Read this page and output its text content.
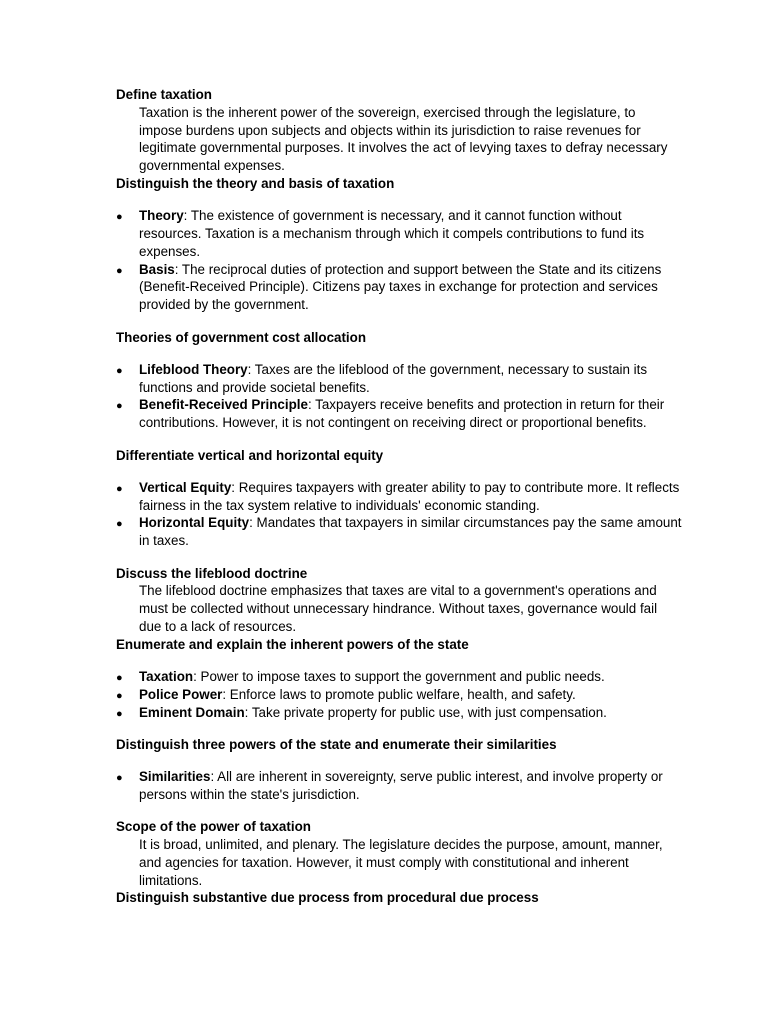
Define taxation

Taxation is the inherent power of the sovereign, exercised through the legislature, to impose burdens upon subjects and objects within its jurisdiction to raise revenues for legitimate governmental purposes. It involves the act of levying taxes to defray necessary governmental expenses.

Distinguish the theory and basis of taxation

●
Theory: The existence of government is necessary, and it cannot function without resources. Taxation is a mechanism through which it compels contributions to fund its expenses.
●
Basis: The reciprocal duties of protection and support between the State and its citizens (Benefit-Received Principle). Citizens pay taxes in exchange for protection and services provided by the government.

Theories of government cost allocation

●
Lifeblood Theory: Taxes are the lifeblood of the government, necessary to sustain its functions and provide societal benefits.
●
Benefit-Received Principle: Taxpayers receive benefits and protection in return for their contributions. However, it is not contingent on receiving direct or proportional benefits.

Differentiate vertical and horizontal equity

●
Vertical Equity: Requires taxpayers with greater ability to pay to contribute more. It reflects fairness in the tax system relative to individuals' economic standing.
●
Horizontal Equity: Mandates that taxpayers in similar circumstances pay the same amount in taxes.

Discuss the lifeblood doctrine

The lifeblood doctrine emphasizes that taxes are vital to a government's operations and must be collected without unnecessary hindrance. Without taxes, governance would fail due to a lack of resources.

Enumerate and explain the inherent powers of the state

●
Taxation: Power to impose taxes to support the government and public needs.
●
Police Power: Enforce laws to promote public welfare, health, and safety.
●
Eminent Domain: Take private property for public use, with just compensation.

Distinguish three powers of the state and enumerate their similarities

●
Similarities: All are inherent in sovereignty, serve public interest, and involve property or persons within the state's jurisdiction.

Scope of the power of taxation

It is broad, unlimited, and plenary. The legislature decides the purpose, amount, manner, and agencies for taxation. However, it must comply with constitutional and inherent limitations.

Distinguish substantive due process from procedural due process
